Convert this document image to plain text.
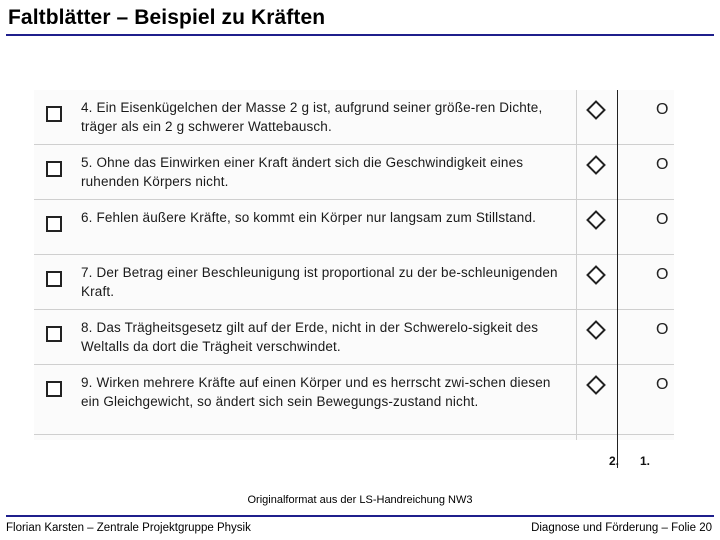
Faltblätter – Beispiel zu Kräften
4. Ein Eisenkügelchen der Masse 2 g ist, aufgrund seiner größe-ren Dichte, träger als ein 2 g schwerer Wattebausch.
O
5. Ohne das Einwirken einer Kraft ändert sich die Geschwindigkeit eines ruhenden Körpers nicht.
O
6. Fehlen äußere Kräfte, so kommt ein Körper nur langsam zum Stillstand.	O
7. Der Betrag einer Beschleunigung ist proportional zu der be-schleunigenden Kraft.
O
8. Das Trägheitsgesetz gilt auf der Erde, nicht in der Schwerelo-sigkeit des Weltalls da dort die Trägheit verschwindet.
O
9. Wirken mehrere Kräfte auf einen Körper und es herrscht zwi-schen diesen ein Gleichgewicht, so ändert sich sein Bewegungs-zustand nicht.
O
2. 1.
Originalformat aus der LS-Handreichung NW3
Florian Karsten – Zentrale Projektgruppe Physik	Diagnose und Förderung – Folie 20
